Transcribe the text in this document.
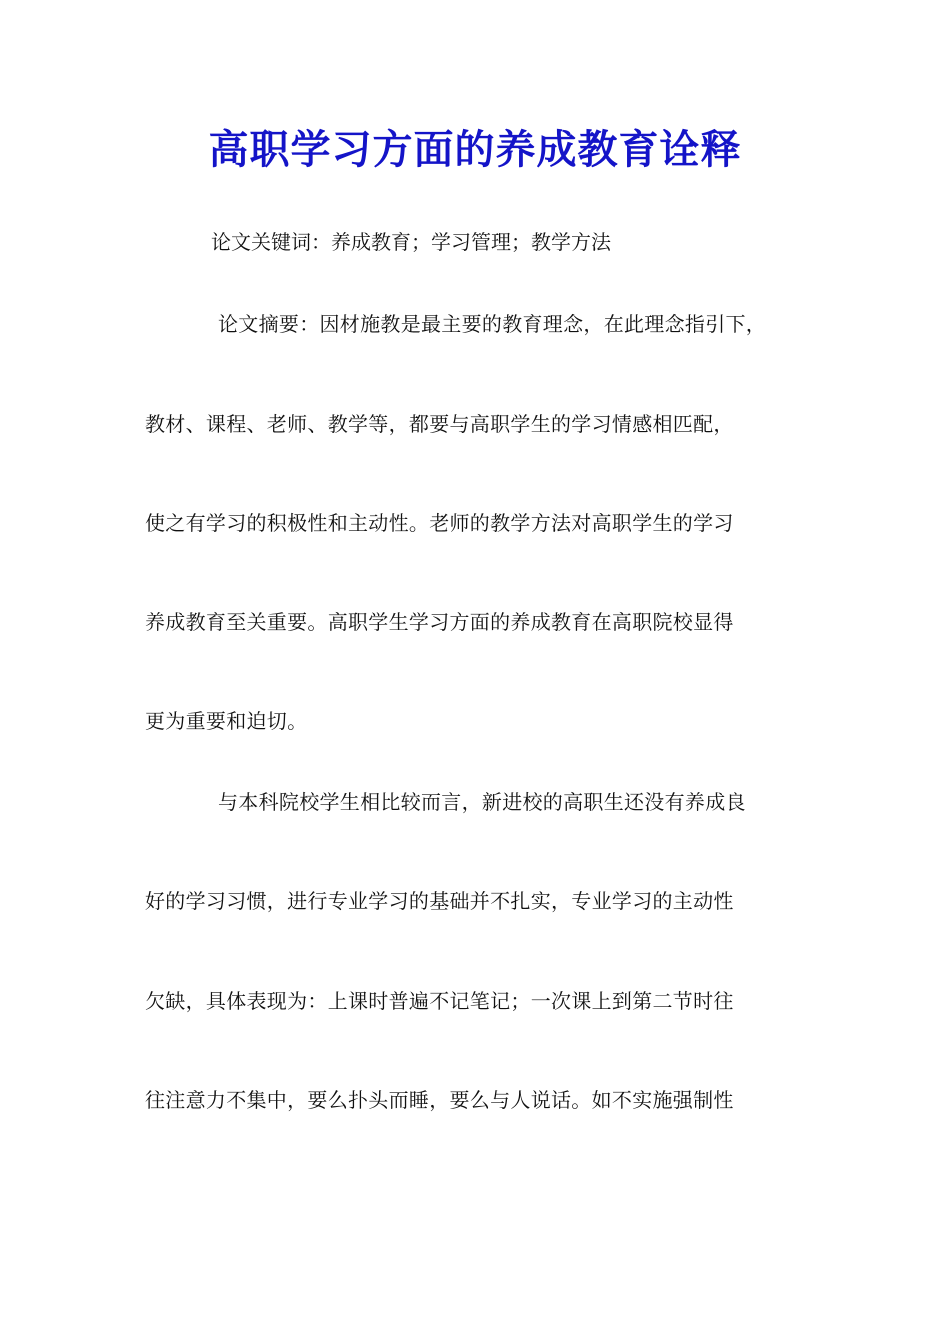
高职学习方面的养成教育诠释
论文关键词：养成教育；学习管理；教学方法
论文摘要：因材施教是最主要的教育理念，在此理念指引下，
教材、课程、老师、教学等，都要与高职学生的学习情感相匹配，
使之有学习的积极性和主动性。老师的教学方法对高职学生的学习
养成教育至关重要。高职学生学习方面的养成教育在高职院校显得
更为重要和迫切。
与本科院校学生相比较而言，新进校的高职生还没有养成良
好的学习习惯，进行专业学习的基础并不扎实，专业学习的主动性
欠缺，具体表现为：上课时普遍不记笔记；一次课上到第二节时往
往注意力不集中，要么扑头而睡，要么与人说话。如不实施强制性
